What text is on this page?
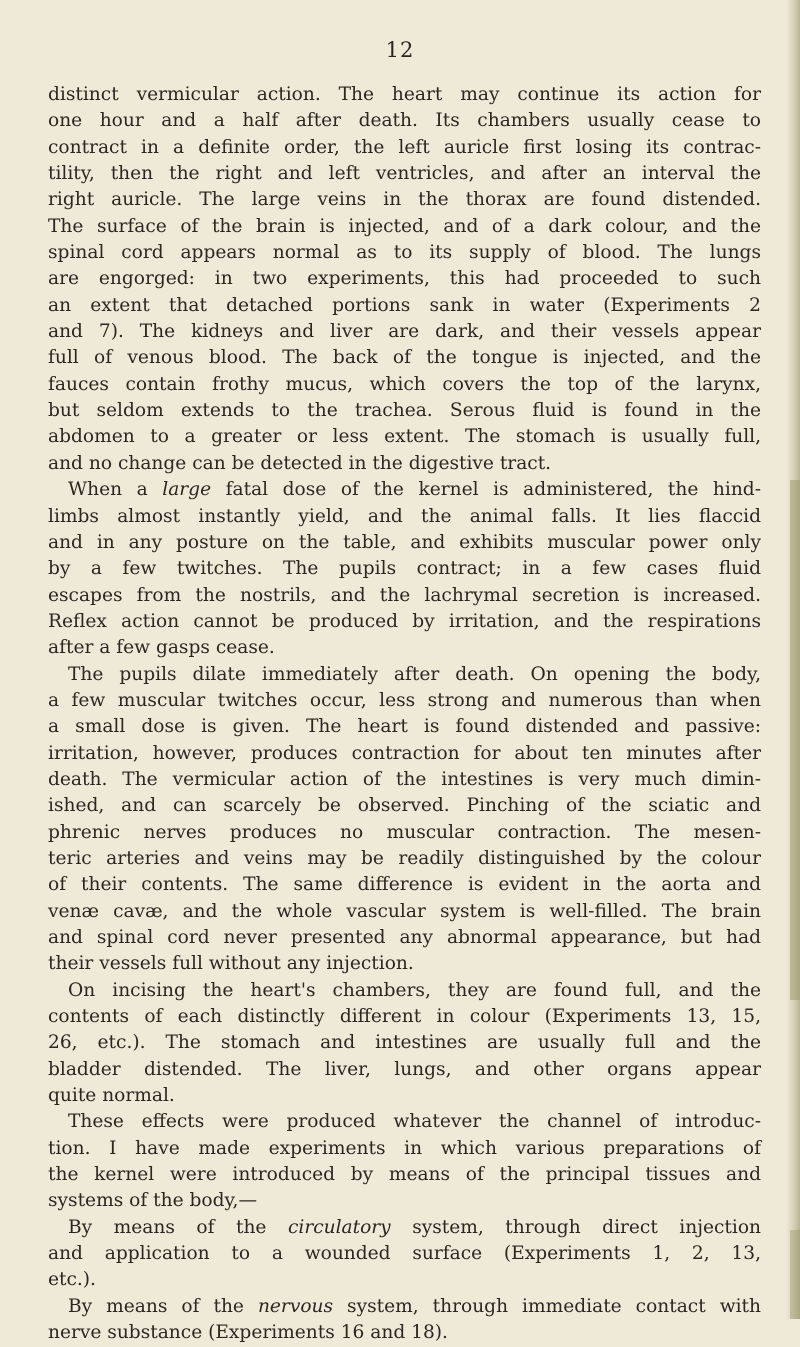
12
distinct vermicular action. The heart may continue its action for
one hour and a half after death. Its chambers usually cease to
contract in a definite order, the left auricle first losing its contrac-
tility, then the right and left ventricles, and after an interval the
right auricle. The large veins in the thorax are found distended.
The surface of the brain is injected, and of a dark colour, and the
spinal cord appears normal as to its supply of blood. The lungs
are engorged: in two experiments, this had proceeded to such
an extent that detached portions sank in water (Experiments 2
and 7). The kidneys and liver are dark, and their vessels appear
full of venous blood. The back of the tongue is injected, and the
fauces contain frothy mucus, which covers the top of the larynx,
but seldom extends to the trachea. Serous fluid is found in the
abdomen to a greater or less extent. The stomach is usually full,
and no change can be detected in the digestive tract.
When a large fatal dose of the kernel is administered, the hind-
limbs almost instantly yield, and the animal falls. It lies flaccid
and in any posture on the table, and exhibits muscular power only
by a few twitches. The pupils contract; in a few cases fluid
escapes from the nostrils, and the lachrymal secretion is increased.
Reflex action cannot be produced by irritation, and the respirations
after a few gasps cease.
The pupils dilate immediately after death. On opening the body,
a few muscular twitches occur, less strong and numerous than when
a small dose is given. The heart is found distended and passive:
irritation, however, produces contraction for about ten minutes after
death. The vermicular action of the intestines is very much dimin-
ished, and can scarcely be observed. Pinching of the sciatic and
phrenic nerves produces no muscular contraction. The mesen-
teric arteries and veins may be readily distinguished by the colour
of their contents. The same difference is evident in the aorta and
venæ cavæ, and the whole vascular system is well-filled. The brain
and spinal cord never presented any abnormal appearance, but had
their vessels full without any injection.
On incising the heart's chambers, they are found full, and the
contents of each distinctly different in colour (Experiments 13, 15,
26, etc.). The stomach and intestines are usually full and the
bladder distended. The liver, lungs, and other organs appear
quite normal.
These effects were produced whatever the channel of introduc-
tion. I have made experiments in which various preparations of
the kernel were introduced by means of the principal tissues and
systems of the body,—
By means of the circulatory system, through direct injection
and application to a wounded surface (Experiments 1, 2, 13,
etc.).
By means of the nervous system, through immediate contact with
nerve substance (Experiments 16 and 18).
